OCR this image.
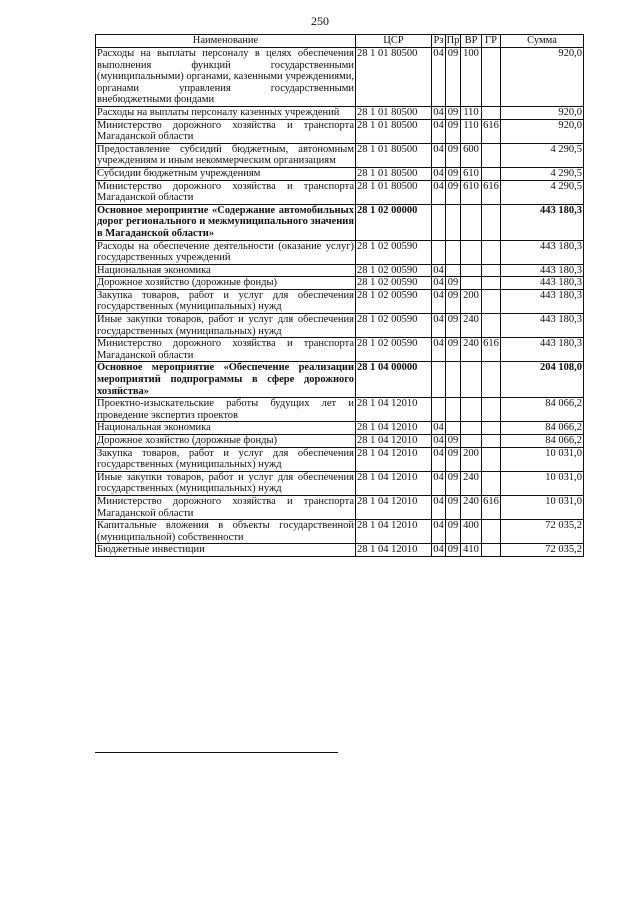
250
Наименование	ЦСР	Рз	Пр	ВР	ГР	Сумма
Расходы на выплаты персоналу в целях обеспечения выполнения функций государственными (муниципальными) органами, казенными учреждениями, органами управления государственными внебюджетными фондами	28 1 01 80500	04	09	100		920,0
Расходы на выплаты персоналу казенных учреждений	28 1 01 80500	04	09	110		920,0
Министерство дорожного хозяйства и транспорта Магаданской области	28 1 01 80500	04	09	110	616	920,0
Предоставление субсидий бюджетным, автономным учреждениям и иным некоммерческим организациям	28 1 01 80500	04	09	600		4 290,5
Субсидии бюджетным учреждениям	28 1 01 80500	04	09	610		4 290,5
Министерство дорожного хозяйства и транспорта Магаданской области	28 1 01 80500	04	09	610	616	4 290,5
Основное мероприятие «Содержание автомобильных дорог регионального и межмуниципального значения в Магаданской области»	28 1 02 00000					443 180,3
Расходы на обеспечение деятельности (оказание услуг) государственных учреждений	28 1 02 00590					443 180,3
Национальная экономика	28 1 02 00590	04				443 180,3
Дорожное хозяйство (дорожные фонды)	28 1 02 00590	04	09			443 180,3
Закупка товаров, работ и услуг для обеспечения государственных (муниципальных) нужд	28 1 02 00590	04	09	200		443 180,3
Иные закупки товаров, работ и услуг для обеспечения государственных (муниципальных) нужд	28 1 02 00590	04	09	240		443 180,3
Министерство дорожного хозяйства и транспорта Магаданской области	28 1 02 00590	04	09	240	616	443 180,3
Основное мероприятие «Обеспечение реализации мероприятий подпрограммы в сфере дорожного хозяйства»	28 1 04 00000					204 108,0
Проектно-изыскательские работы будущих лет и проведение экспертиз проектов	28 1 04 12010					84 066,2
Национальная экономика	28 1 04 12010	04				84 066,2
Дорожное хозяйство (дорожные фонды)	28 1 04 12010	04	09			84 066,2
Закупка товаров, работ и услуг для обеспечения государственных (муниципальных) нужд	28 1 04 12010	04	09	200		10 031,0
Иные закупки товаров, работ и услуг для обеспечения государственных (муниципальных) нужд	28 1 04 12010	04	09	240		10 031,0
Министерство дорожного хозяйства и транспорта Магаданской области	28 1 04 12010	04	09	240	616	10 031,0
Капитальные вложения в объекты государственной (муниципальной) собственности	28 1 04 12010	04	09	400		72 035,2
Бюджетные инвестиции	28 1 04 12010	04	09	410		72 035,2
